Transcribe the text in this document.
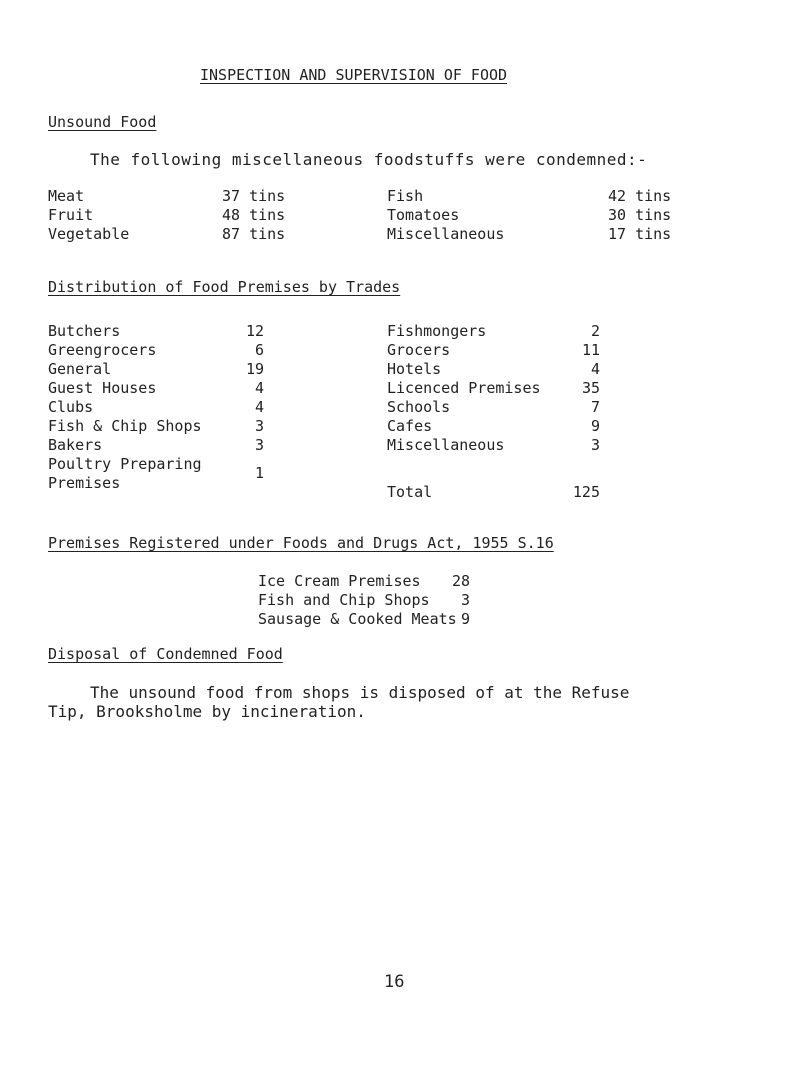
INSPECTION AND SUPERVISION OF FOOD
Unsound Food
The following miscellaneous foodstuffs were condemned:-
Meat	37 tins
Fruit	48 tins
Vegetable	87 tins
Fish	42 tins
Tomatoes	30 tins
Miscellaneous	17 tins
Distribution of Food Premises by Trades
Butchers	12
Greengrocers	6
General	19
Guest Houses	4
Clubs	4
Fish & Chip Shops	3
Bakers	3
Poultry Preparing
Premises
1
Fishmongers	2
Grocers	11
Hotels	4
Licenced Premises	35
Schools	7
Cafes	9
Miscellaneous	3
Total	125
Premises Registered under Foods and Drugs Act, 1955 S.16
Ice Cream Premises	28
Fish and Chip Shops	3
Sausage & Cooked Meats 9
Disposal of Condemned Food
The unsound food from shops is disposed of at the Refuse
Tip, Brooksholme by incineration.
16
